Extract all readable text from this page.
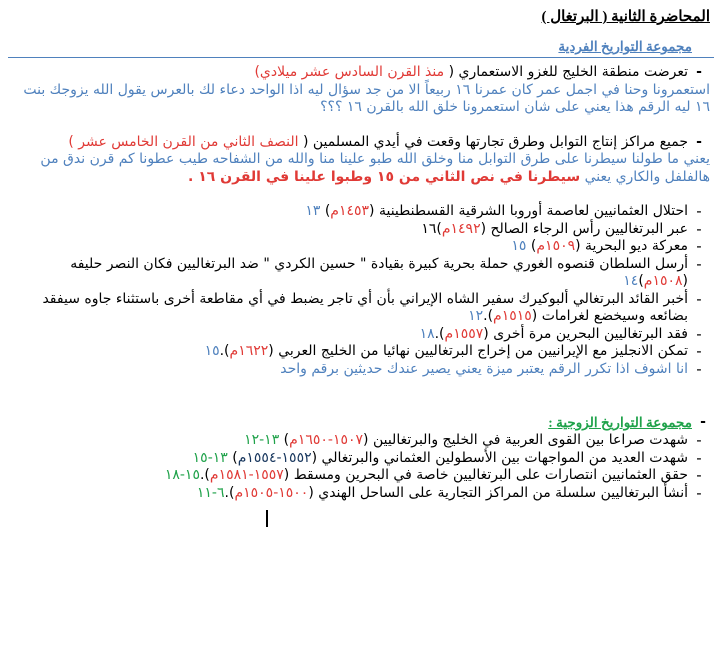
المحاضرة الثانية ( البرتغال )
مجموعة التواريخ الفردية
-
تعرضت منطقة الخليج للغزو الاستعماري ( منذ القرن السادس عشر ميلادي)
استعمرونا وحنا في اجمل عمر كان عمرنا ١٦ ربيعاً الا من جد سؤال ليه اذا الواحد دعاء لك بالعرس يقول الله يزوجك بنت ١٦ ليه الرقم هذا يعني على شان استعمرونا خلق الله بالقرن ١٦ ؟؟؟
-
جميع مراكز إنتاج التوابل وطرق تجارتها وقعت في أيدي المسلمين ( النصف الثاني من القرن الخامس عشر )
يعني ما طولنا سيطرنا على طرق التوابل منا وخلق الله طبو علينا منا والله من الشفاحه طيب عطونا كم قرن ندق من هالفلفل والكاري يعني سيطرنا في نص الثاني من ١٥ وطبوا علينا في القرن ١٦ .
-
احتلال العثمانيين لعاصمة أوروبا الشرقية القسطنطينية (١٤٥٣م) ١٣
-
عبر البرتغاليين رأس الرجاء الصالح (١٤٩٢م)١٦
-
معركة ديو البحرية (١٥٠٩م) ١٥
-
أرسل السلطان قنصوه الغوري حملة بحرية كبيرة بقيادة " حسين الكردي " ضد البرتغاليين فكان النصر حليفه (١٥٠٨م)١٤
-
أخبر القائد البرتغالي ألبوكيرك سفير الشاه الإيراني بأن أي تاجر يضبط في أي مقاطعة أخرى باستثناء جاوه سيفقد بضائعه وسيخضع لغرامات (١٥١٥م).١٢
-
فقد البرتغاليين البحرين مرة أخرى (١٥٥٧م).١٨
-
تمكن الانجليز مع الإيرانيين من إخراج البرتغاليين نهائيا من الخليج العربي (١٦٢٢م).١٥
-
انا اشوف اذا تكرر الرقم يعتبر ميزة يعني يصير عندك حديثين برقم واحد
-
مجموعة التواريخ الزوجية :
-
شهدت صراعا بين القوى العربية في الخليج والبرتغاليين (١٥٠٧-١٦٥٠م) ١٣-١٢
-
شهدت العديد من المواجهات بين الأسطولين العثماني والبرتغالي (١٥٥٢-١٥٥٤م) ١٣-١٥
-
حقق العثمانيين انتصارات على البرتغاليين خاصة في البحرين ومسقط (١٥٥٧-١٥٨١م).١٥-١٨
-
أنشأ البرتغاليين سلسلة من المراكز التجارية على الساحل الهندي (١٥٠٠-١٥٠٥م).٦-١١
